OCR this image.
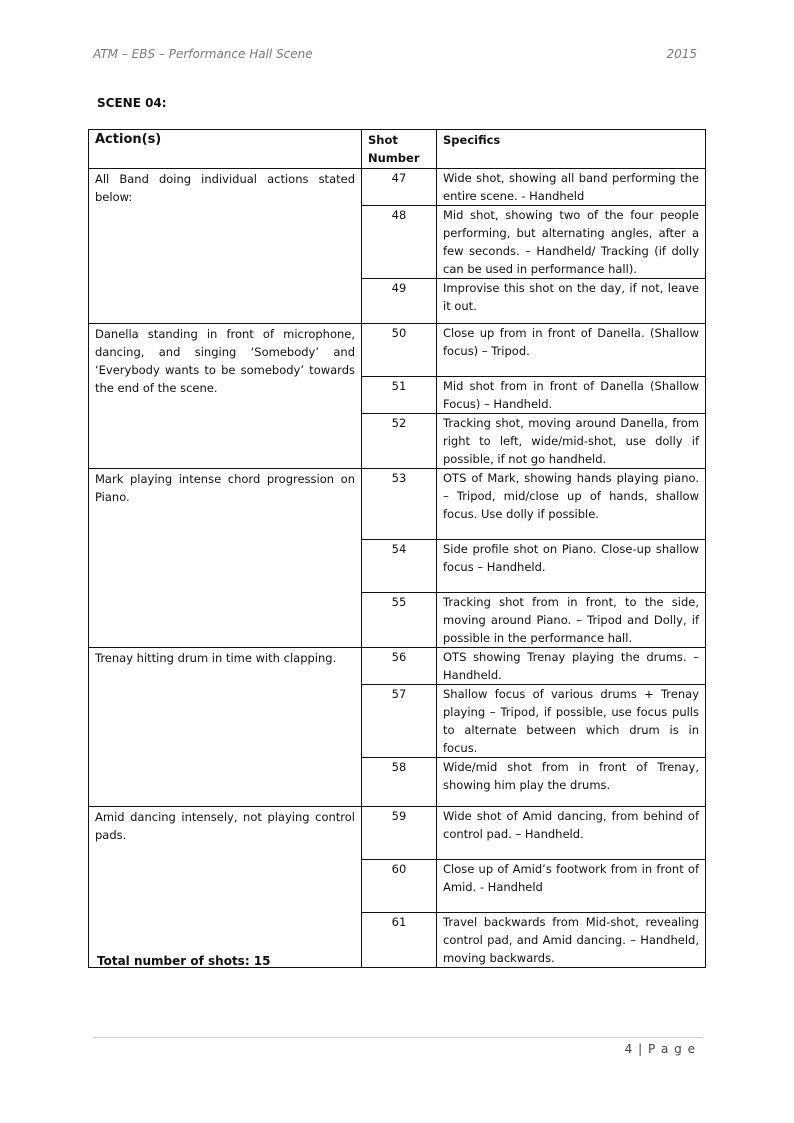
ATM – EBS – Performance Hall Scene	2015
SCENE 04:
Action(s)	Shot Number	Specifics
All Band doing individual actions stated below:	47	Wide shot, showing all band performing the entire scene. - Handheld
	48	Mid shot, showing two of the four people performing, but alternating angles, after a few seconds. – Handheld/ Tracking (if dolly can be used in performance hall).
	49	Improvise this shot on the day, if not, leave it out.
Danella standing in front of microphone, dancing, and singing ‘Somebody’ and ‘Everybody wants to be somebody’ towards the end of the scene.	50	Close up from in front of Danella. (Shallow focus) – Tripod.
	51	Mid shot from in front of Danella (Shallow Focus) – Handheld.
	52	Tracking shot, moving around Danella, from right to left, wide/mid-shot, use dolly if possible, if not go handheld.
Mark playing intense chord progression on Piano.	53	OTS of Mark, showing hands playing piano. – Tripod, mid/close up of hands, shallow focus. Use dolly if possible.
	54	Side profile shot on Piano. Close-up shallow focus – Handheld.
	55	Tracking shot from in front, to the side, moving around Piano. – Tripod and Dolly, if possible in the performance hall.
Trenay hitting drum in time with clapping.	56	OTS showing Trenay playing the drums. – Handheld.
	57	Shallow focus of various drums + Trenay playing – Tripod, if possible, use focus pulls to alternate between which drum is in focus.
	58	Wide/mid shot from in front of Trenay, showing him play the drums.
Amid dancing intensely, not playing control pads.	59	Wide shot of Amid dancing, from behind of control pad. – Handheld.
	60	Close up of Amid’s footwork from in front of Amid. - Handheld
	61	Travel backwards from Mid-shot, revealing control pad, and Amid dancing. – Handheld, moving backwards.
Total number of shots: 15
4 | P a g e
